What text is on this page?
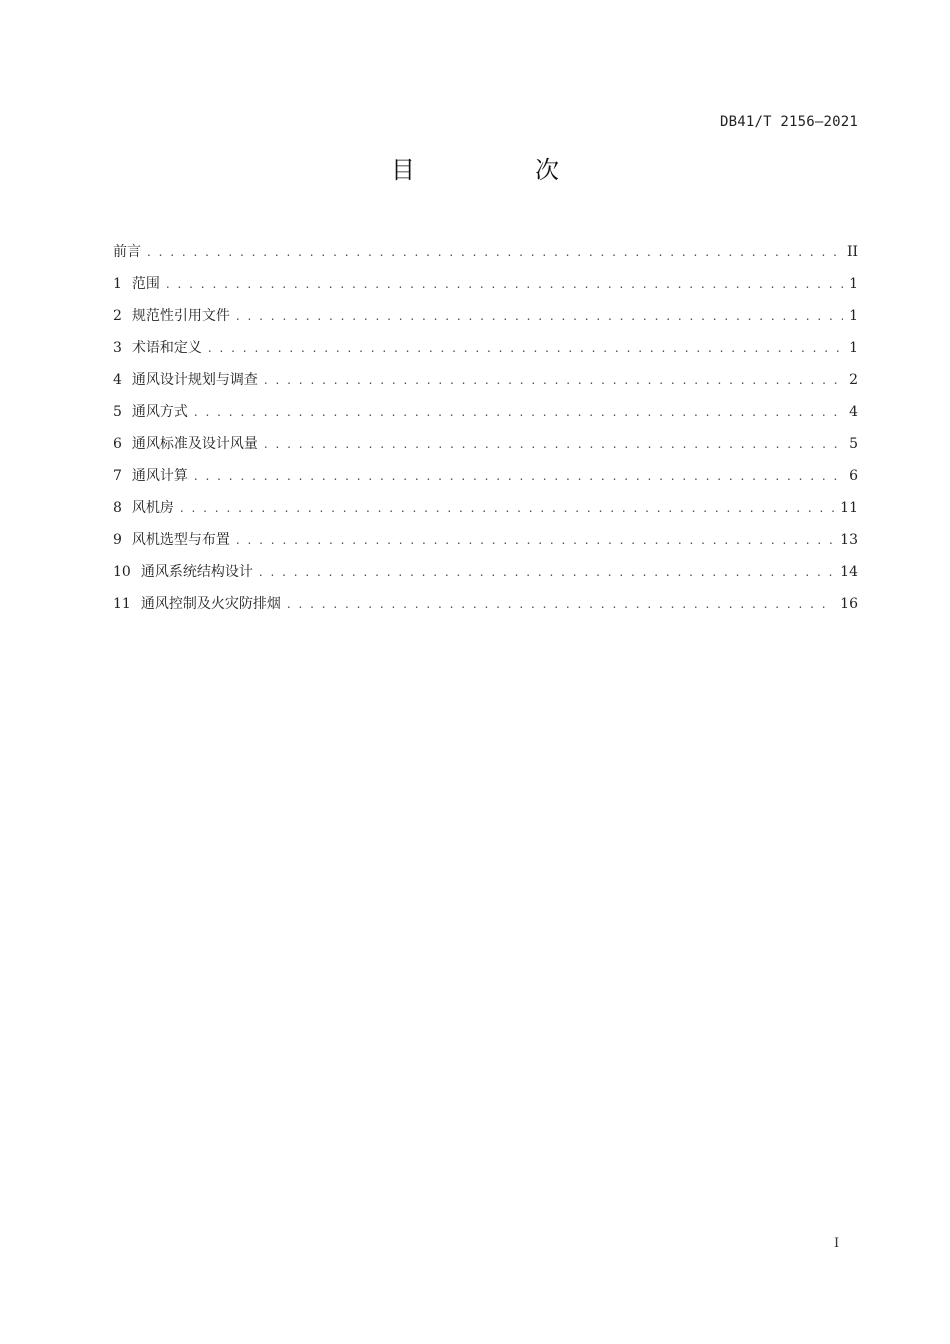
DB41/T 2156—2021
目　次
前言 . . .	II
1 范围 . . .	1
2 规范性引用文件 . . .	1
3 术语和定义 . . .	1
4 通风设计规划与调查 . . .	2
5 通风方式 . . .	4
6 通风标准及设计风量 . . .	5
7 通风计算 . . .	6
8 风机房 . . .	11
9 风机选型与布置 . . .	13
10 通风系统结构设计 . . .	14
11 通风控制及火灾防排烟 . . .	16
I
